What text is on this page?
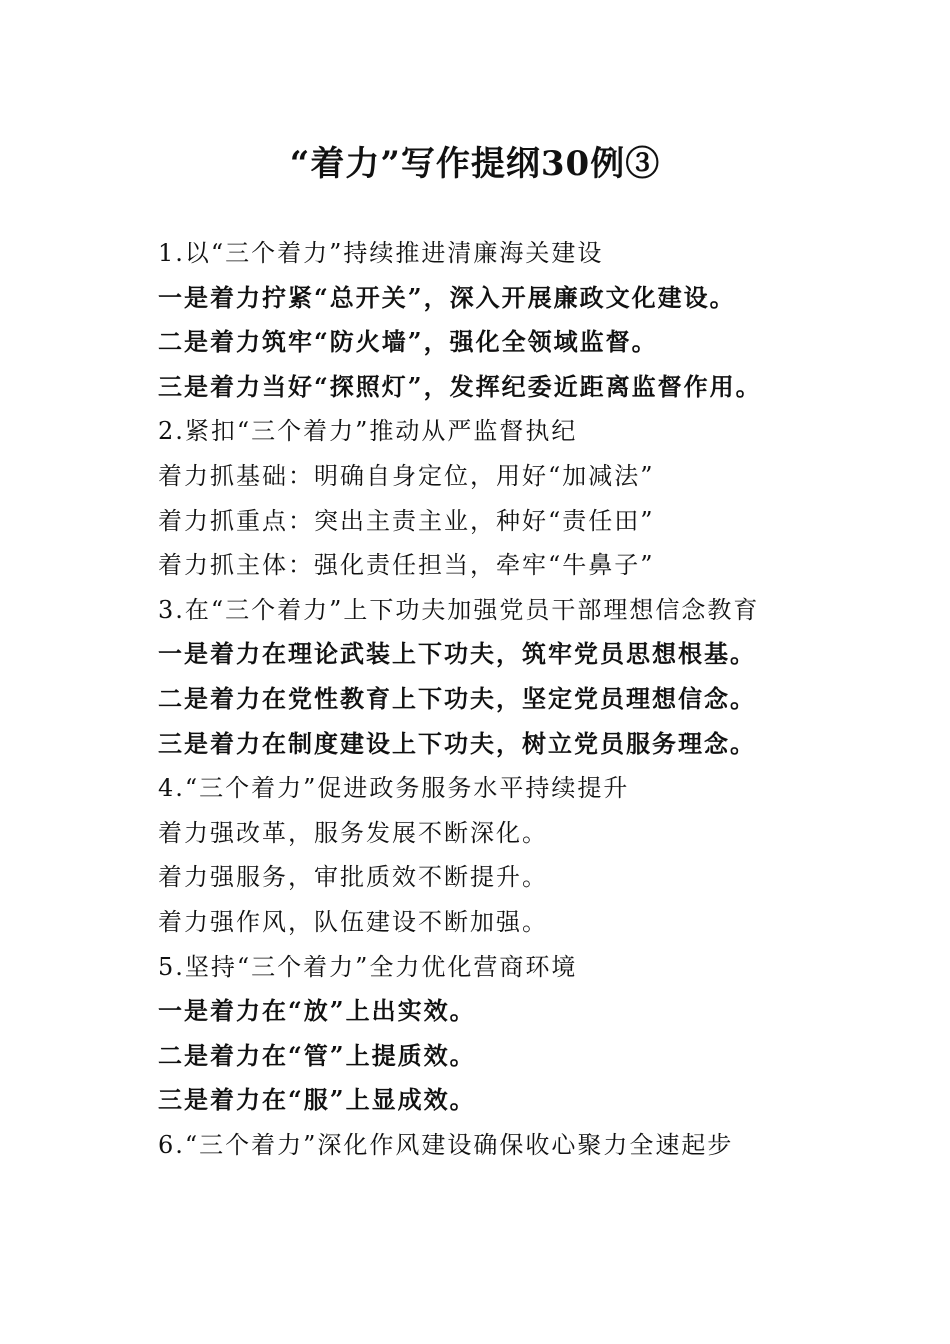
“着力”写作提纲30例③
1.以“三个着力”持续推进清廉海关建设
一是着力拧紧“总开关”，深入开展廉政文化建设。
二是着力筑牢“防火墙”，强化全领域监督。
三是着力当好“探照灯”，发挥纪委近距离监督作用。
2.紧扣“三个着力”推动从严监督执纪
着力抓基础：明确自身定位，用好“加减法”
着力抓重点：突出主责主业，种好“责任田”
着力抓主体：强化责任担当，牵牢“牛鼻子”
3.在“三个着力”上下功夫加强党员干部理想信念教育
一是着力在理论武装上下功夫，筑牢党员思想根基。
二是着力在党性教育上下功夫，坚定党员理想信念。
三是着力在制度建设上下功夫，树立党员服务理念。
4.“三个着力”促进政务服务水平持续提升
着力强改革，服务发展不断深化。
着力强服务，审批质效不断提升。
着力强作风，队伍建设不断加强。
5.坚持“三个着力”全力优化营商环境
一是着力在“放”上出实效。
二是着力在“管”上提质效。
三是着力在“服”上显成效。
6.“三个着力”深化作风建设确保收心聚力全速起步
